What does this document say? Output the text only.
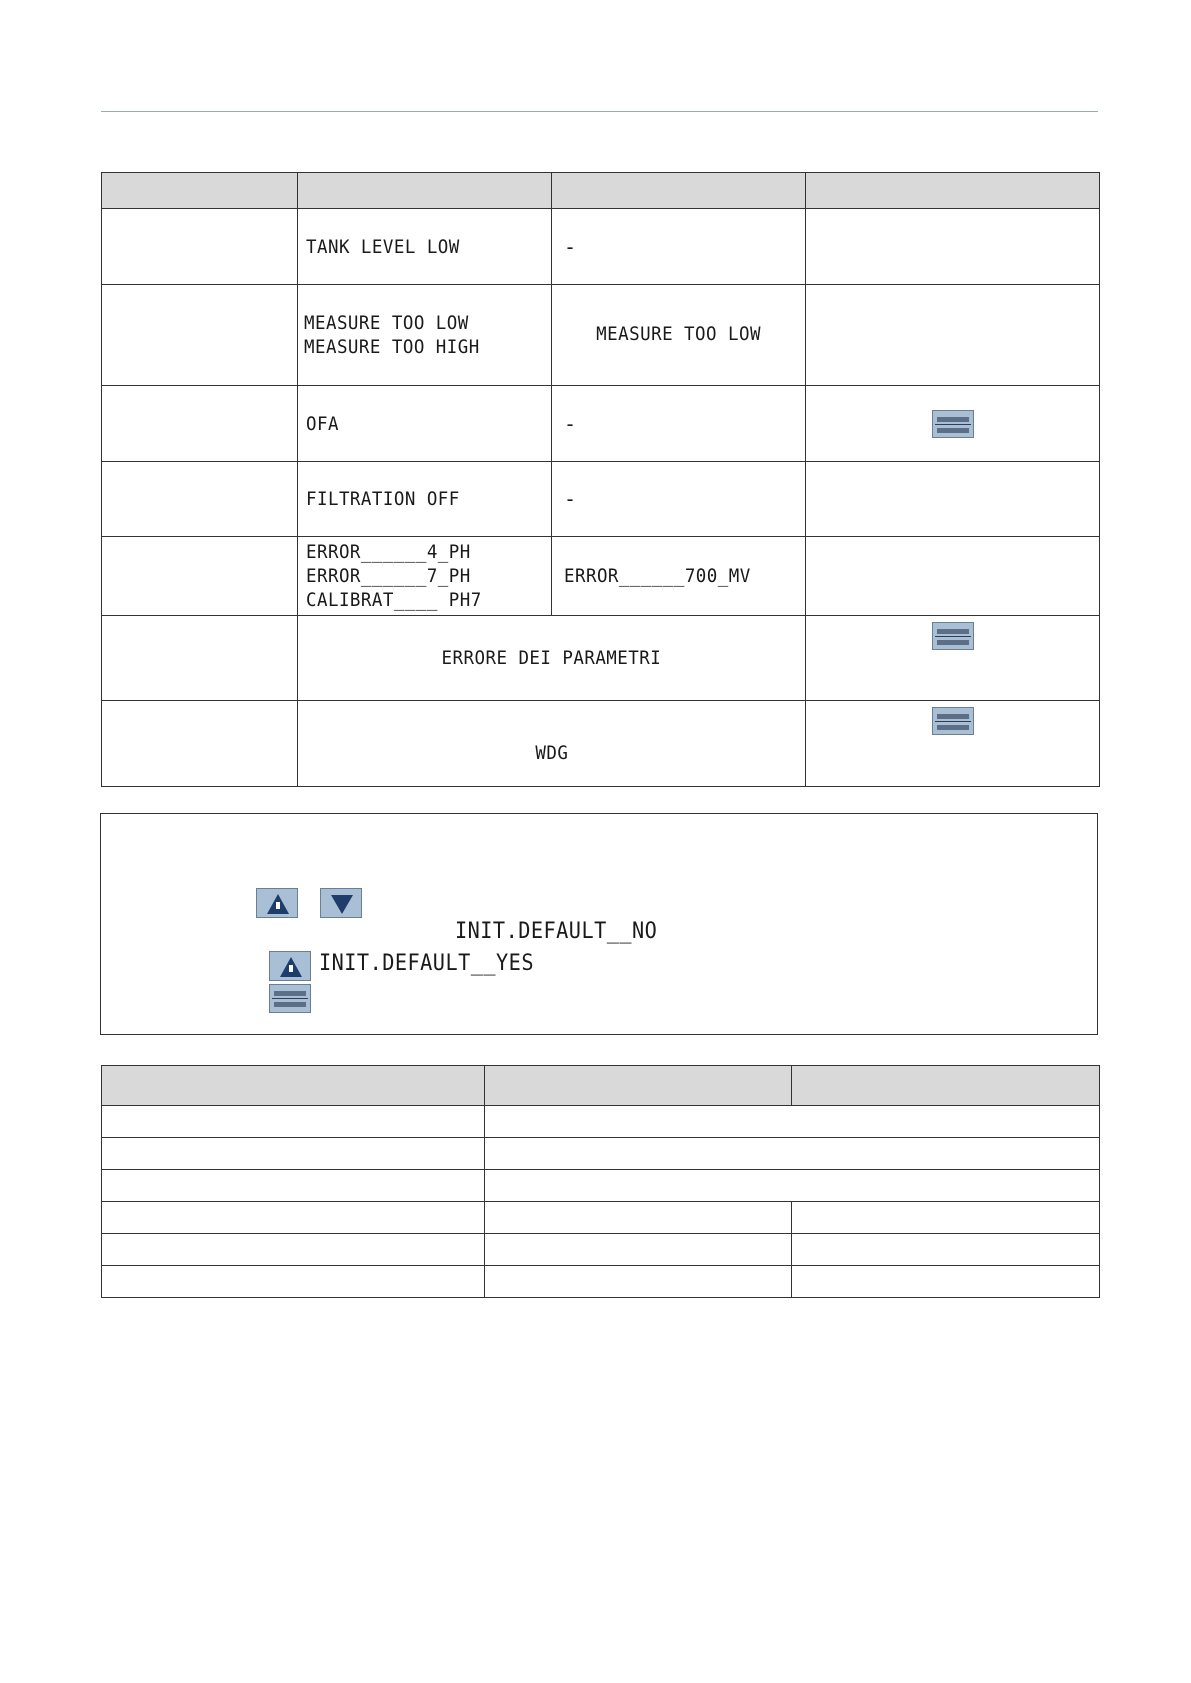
	TANK LEVEL LOW	-	

	MEASURE TOO LOW
MEASURE TOO HIGH	MEASURE TOO LOW	
	OFA	-	

	FILTRATION OFF	-	

	ERROR______4_PH
ERROR______7_PH
CALIBRAT____ PH7	ERROR______700_MV	
	ERRORE DEI PARAMETRI		

	WDG		
INIT.DEFAULT__NO
INIT.DEFAULT__YES
